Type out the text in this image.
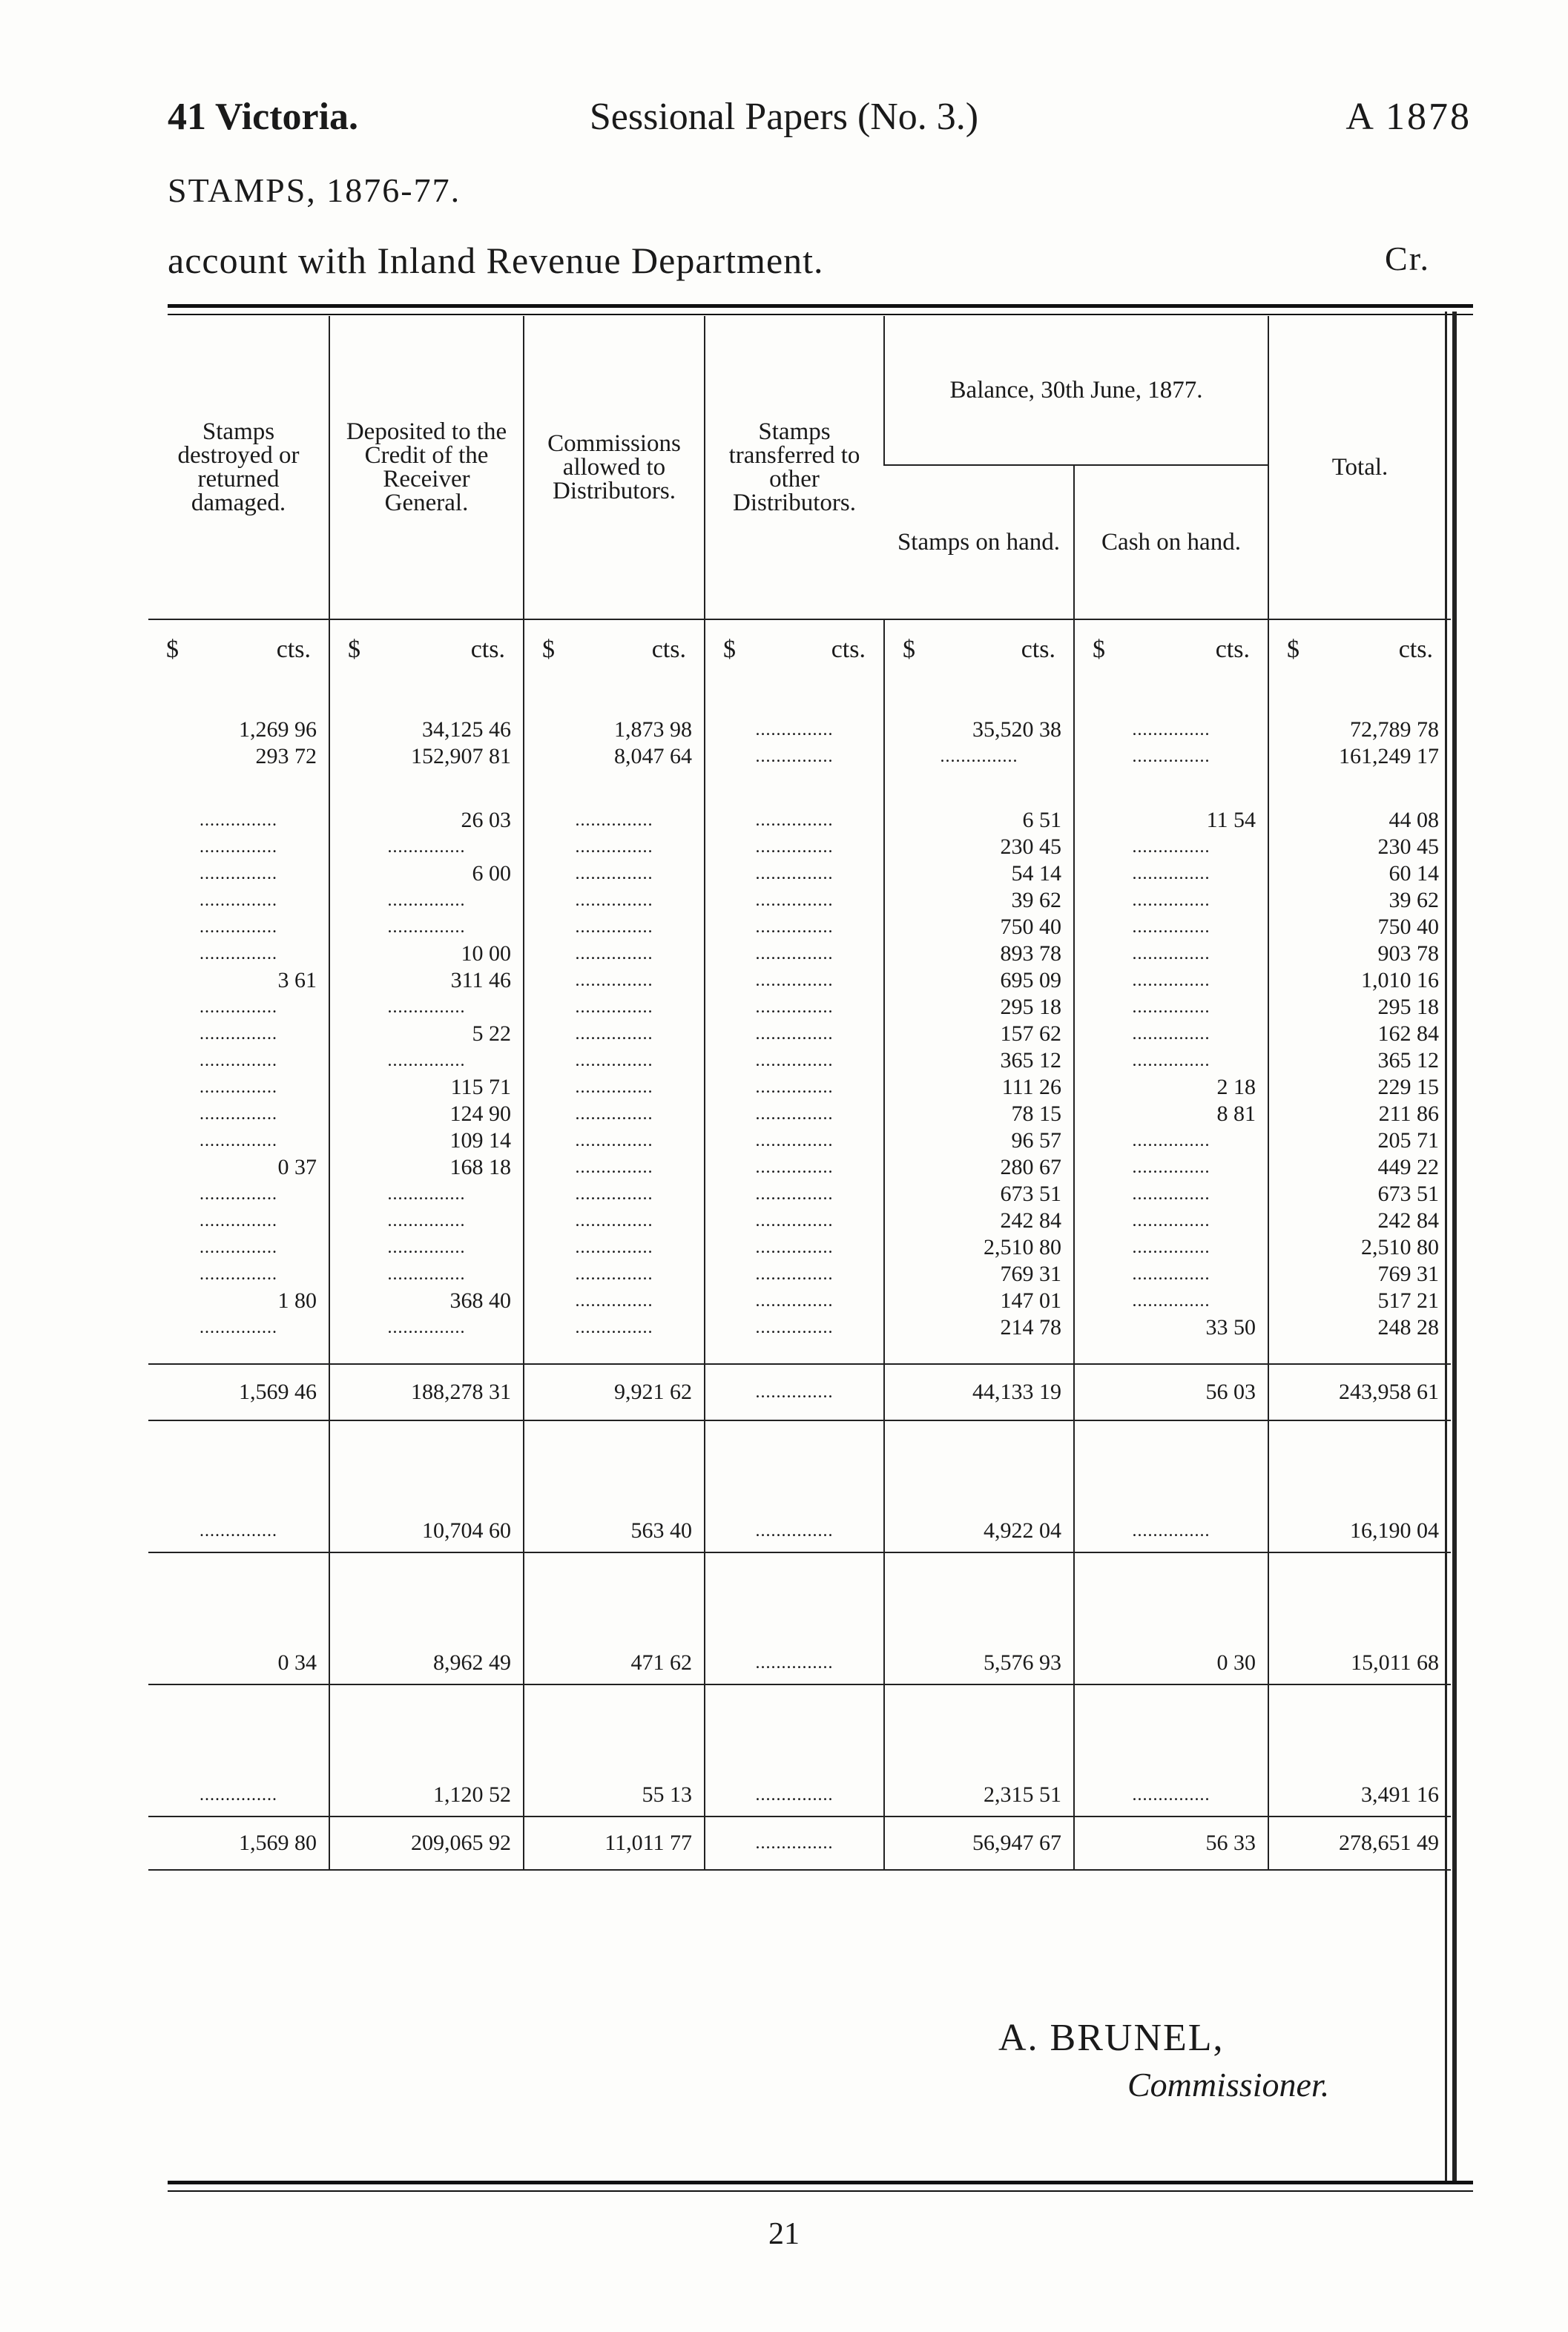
41 Victoria.	Sessional Papers (No. 3.)	A 1878
STAMPS, 1876-77.
account with Inland Revenue Department.	Cr.
Stamps destroyed or returned damaged.	Deposited to the Credit of the Receiver General.	Commissions allowed to Distributors.	Stamps transferred to other Distributors.	Balance, 30th June, 1877.		Total.
				Stamps on hand.	Cash on hand.	

$ cts.	$ cts.	$ cts.	$ cts.	$ cts.	$ cts.	$ cts.

1,269 96	34,125 46	1,873 98	...............	35,520 38	...............	72,789 78
293 72	152,907 81	8,047 64	...............	...............	...............	161,249 17

...............	26 03	...............	...............	6 51	11 54	44 08
...............	...............	...............	...............	230 45	...............	230 45
...............	6 00	...............	...............	54 14	...............	60 14
...............	...............	...............	...............	39 62	...............	39 62
...............	...............	...............	...............	750 40	...............	750 40
...............	10 00	...............	...............	893 78	...............	903 78
3 61	311 46	...............	...............	695 09	...............	1,010 16
...............	...............	...............	...............	295 18	...............	295 18
...............	5 22	...............	...............	157 62	...............	162 84
...............	...............	...............	...............	365 12	...............	365 12
...............	115 71	...............	...............	111 26	2 18	229 15
...............	124 90	...............	...............	78 15	8 81	211 86
...............	109 14	...............	...............	96 57	...............	205 71
0 37	168 18	...............	...............	280 67	...............	449 22
...............	...............	...............	...............	673 51	...............	673 51
...............	...............	...............	...............	242 84	...............	242 84
...............	...............	...............	...............	2,510 80	...............	2,510 80
...............	...............	...............	...............	769 31	...............	769 31
1 80	368 40	...............	...............	147 01	...............	517 21
...............	...............	...............	...............	214 78	33 50	248 28

1,569 46	188,278 31	9,921 62	...............	44,133 19	56 03	243,958 61

...............	10,704 60	563 40	...............	4,922 04	...............	16,190 04

0 34	8,962 49	471 62	...............	5,576 93	0 30	15,011 68

...............	1,120 52	55 13	...............	2,315 51	...............	3,491 16
1,569 80	209,065 92	11,011 77	...............	56,947 67	56 33	278,651 49
A. BRUNEL,
Commissioner.
21
